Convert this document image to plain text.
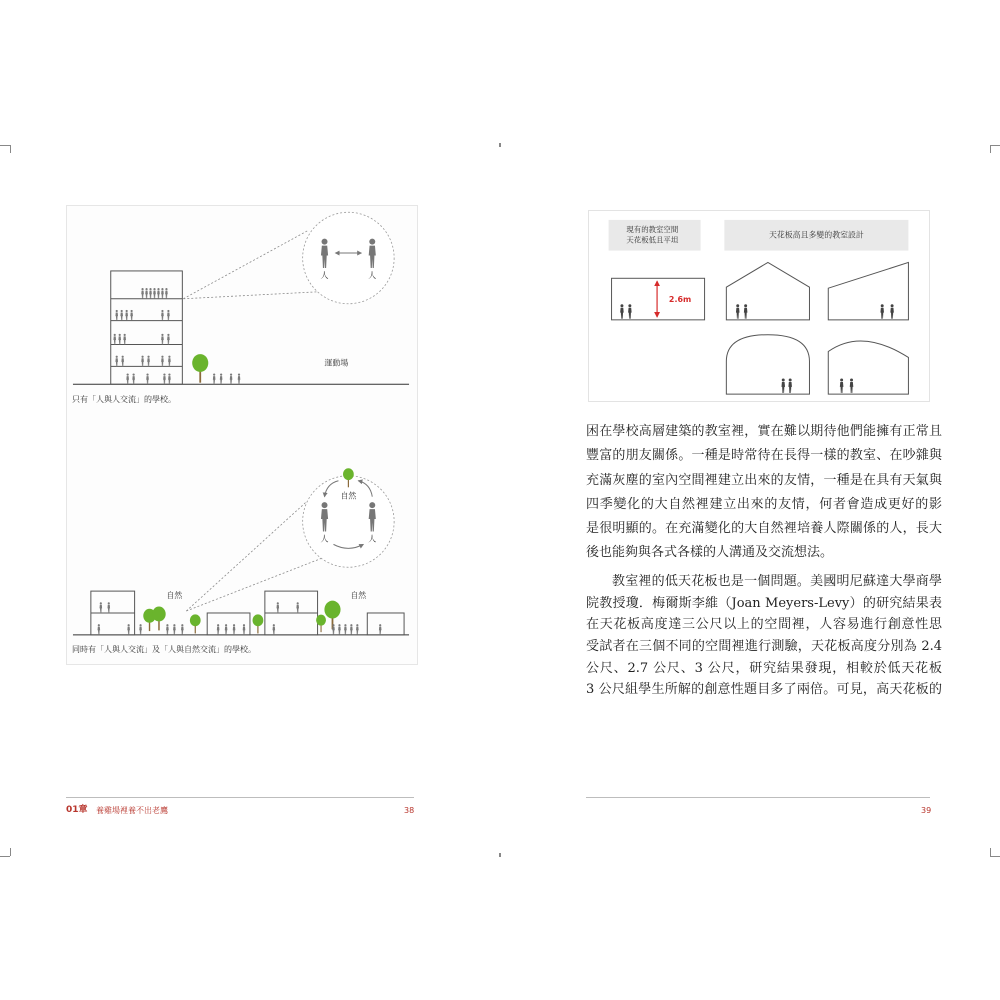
運動場
人	人
自然	自然
自然
人	人
只有「人與人交流」的學校。
同時有「人與人交流」及「人與自然交流」的學校。
01章 養雞場裡養不出老鷹	38
現有的教室空間
天花板低且平坦
天花板高且多變的教室設計
2.6m
困在學校高層建築的教室裡，實在難以期待他們能擁有正常且
豐富的朋友關係。一種是時常待在長得一樣的教室、在吵雜與
充滿灰塵的室內空間裡建立出來的友情，一種是在具有天氣與
四季變化的大自然裡建立出來的友情，何者會造成更好的影
是很明顯的。在充滿變化的大自然裡培養人際關係的人，長大
後也能夠與各式各樣的人溝通及交流想法。
教室裡的低天花板也是一個問題。美國明尼蘇達大學商學
院教授瓊．梅爾斯李維（Joan Meyers-Levy）的研究結果表
在天花板高度達三公尺以上的空間裡，人容易進行創意性思
受試者在三個不同的空間裡進行測驗，天花板高度分別為 2.4
公尺、2.7 公尺、3 公尺，研究結果發現，相較於低天花板
3 公尺組學生所解的創意性題目多了兩倍。可見，高天花板的
39
